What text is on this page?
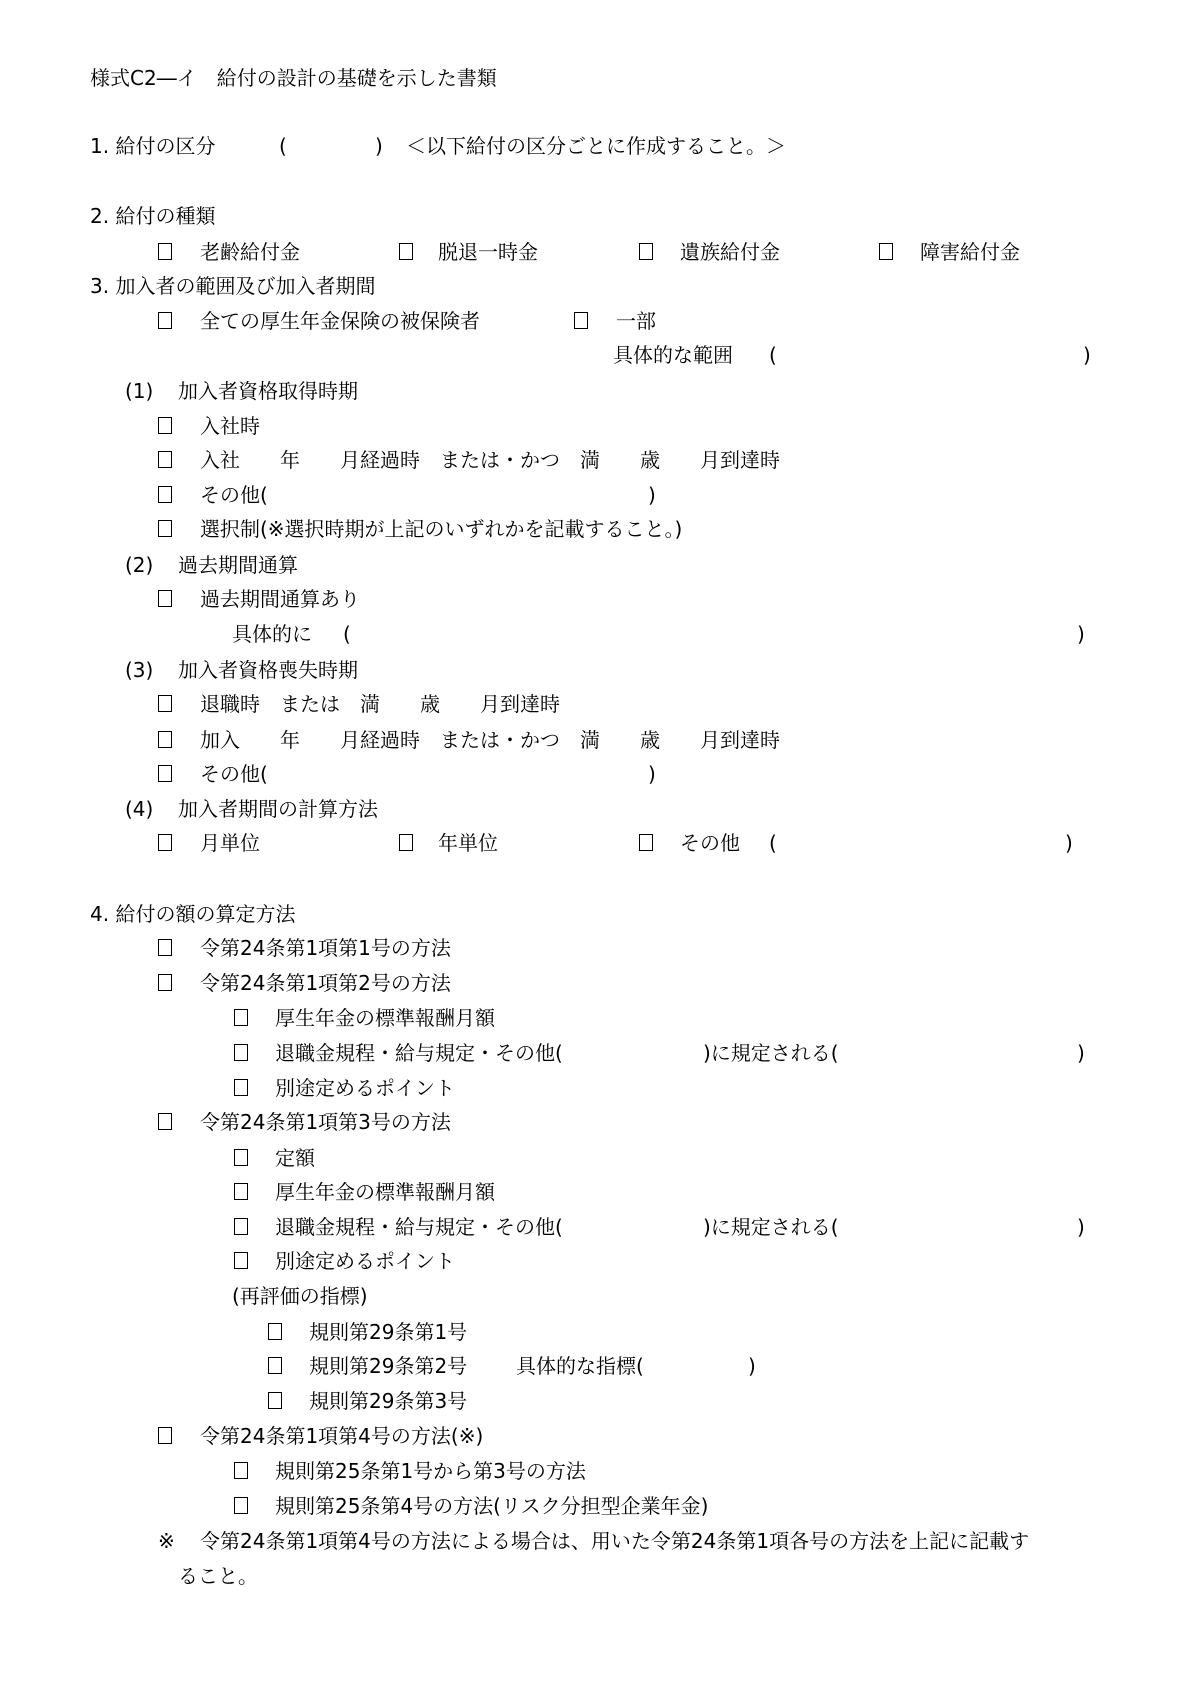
様式C2―イ　給付の設計の基礎を示した書類
1. 給付の区分	(	) ＜以下給付の区分ごとに作成すること。＞
2. 給付の種類
老齢給付金	脱退一時金	遺族給付金	障害給付金
3. 加入者の範囲及び加入者期間
全ての厚生年金保険の被保険者	一部
具体的な範囲 (	)
(1) 加入者資格取得時期
入社時
入社　　年　　月経過時　または・かつ　満　　歳　　月到達時
その他(	)
選択制(※選択時期が上記のいずれかを記載すること。)
(2) 過去期間通算
過去期間通算あり
具体的に (	)
(3) 加入者資格喪失時期
退職時　または　満　　歳　　月到達時
加入　　年　　月経過時　または・かつ　満　　歳　　月到達時
その他(	)
(4) 加入者期間の計算方法
月単位	年単位	その他 (	)
4. 給付の額の算定方法
令第24条第1項第1号の方法
令第24条第1項第2号の方法
厚生年金の標準報酬月額
退職金規程・給与規定・その他(	)に規定される(	)
別途定めるポイント
令第24条第1項第3号の方法
定額
厚生年金の標準報酬月額
退職金規程・給与規定・その他(	)に規定される(	)
別途定めるポイント
(再評価の指標)
規則第29条第1号
規則第29条第2号 具体的な指標(	)
規則第29条第3号
令第24条第1項第4号の方法(※)
規則第25条第1号から第3号の方法
規則第25条第4号の方法(リスク分担型企業年金)
※ 令第24条第1項第4号の方法による場合は、用いた令第24条第1項各号の方法を上記に記載す
ること。
